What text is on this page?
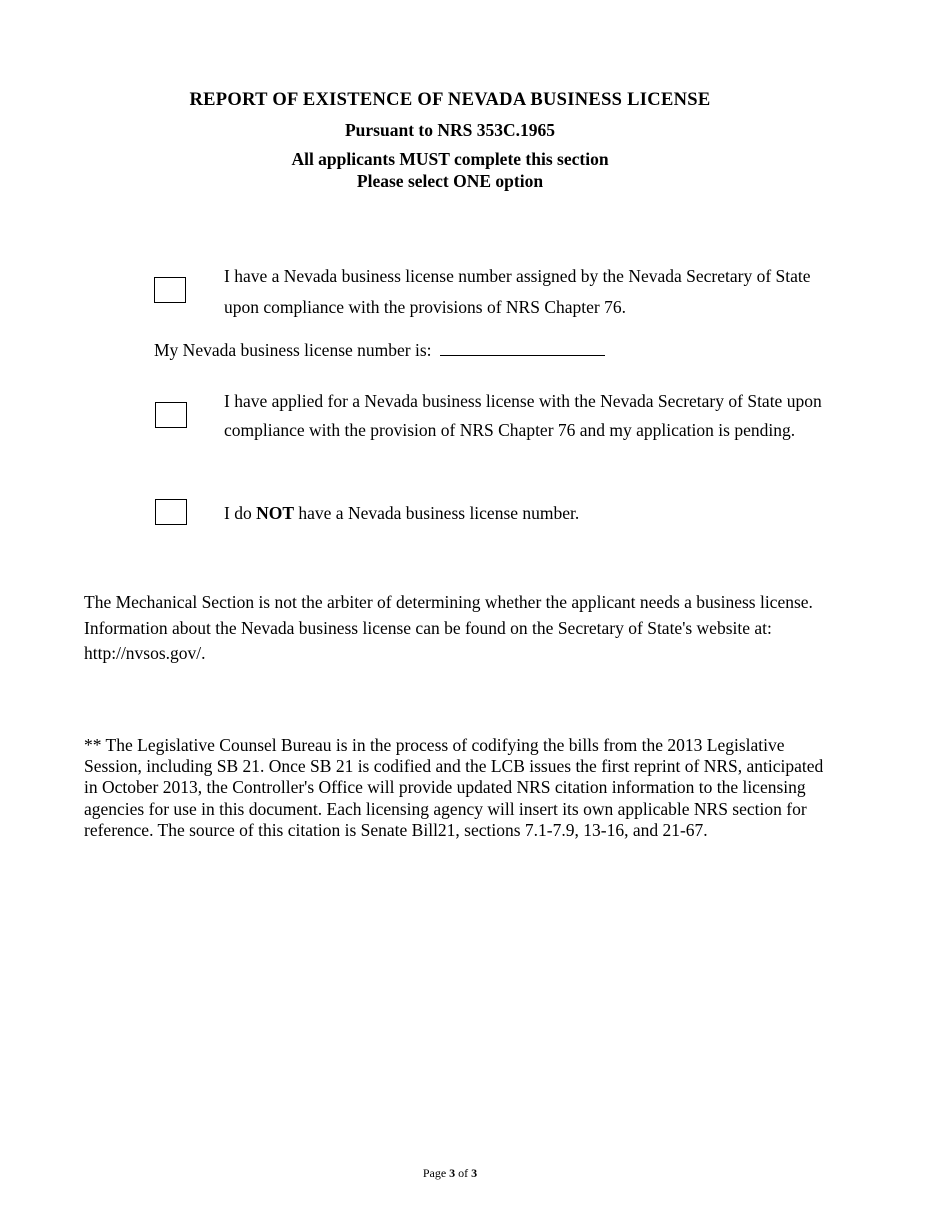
REPORT OF EXISTENCE OF NEVADA BUSINESS LICENSE
Pursuant to NRS 353C.1965
All applicants MUST complete this section
Please select ONE option
I have a Nevada business license number assigned by the Nevada Secretary of State upon compliance with the provisions of NRS Chapter 76.
My Nevada business license number is:
I have applied for a Nevada business license with the Nevada Secretary of State upon compliance with the provision of NRS Chapter 76 and my application is pending.
I do NOT have a Nevada business license number.
The Mechanical Section is not the arbiter of determining whether the applicant needs a business license. Information about the Nevada business license can be found on the Secretary of State's website at: http://nvsos.gov/.
** The Legislative Counsel Bureau is in the process of codifying the bills from the 2013 Legislative Session, including SB 21. Once SB 21 is codified and the LCB issues the first reprint of NRS, anticipated in October 2013, the Controller's Office will provide updated NRS citation information to the licensing agencies for use in this document. Each licensing agency will insert its own applicable NRS section for reference. The source of this citation is Senate Bill21, sections 7.1-7.9, 13-16, and 21-67.
Page 3 of 3
